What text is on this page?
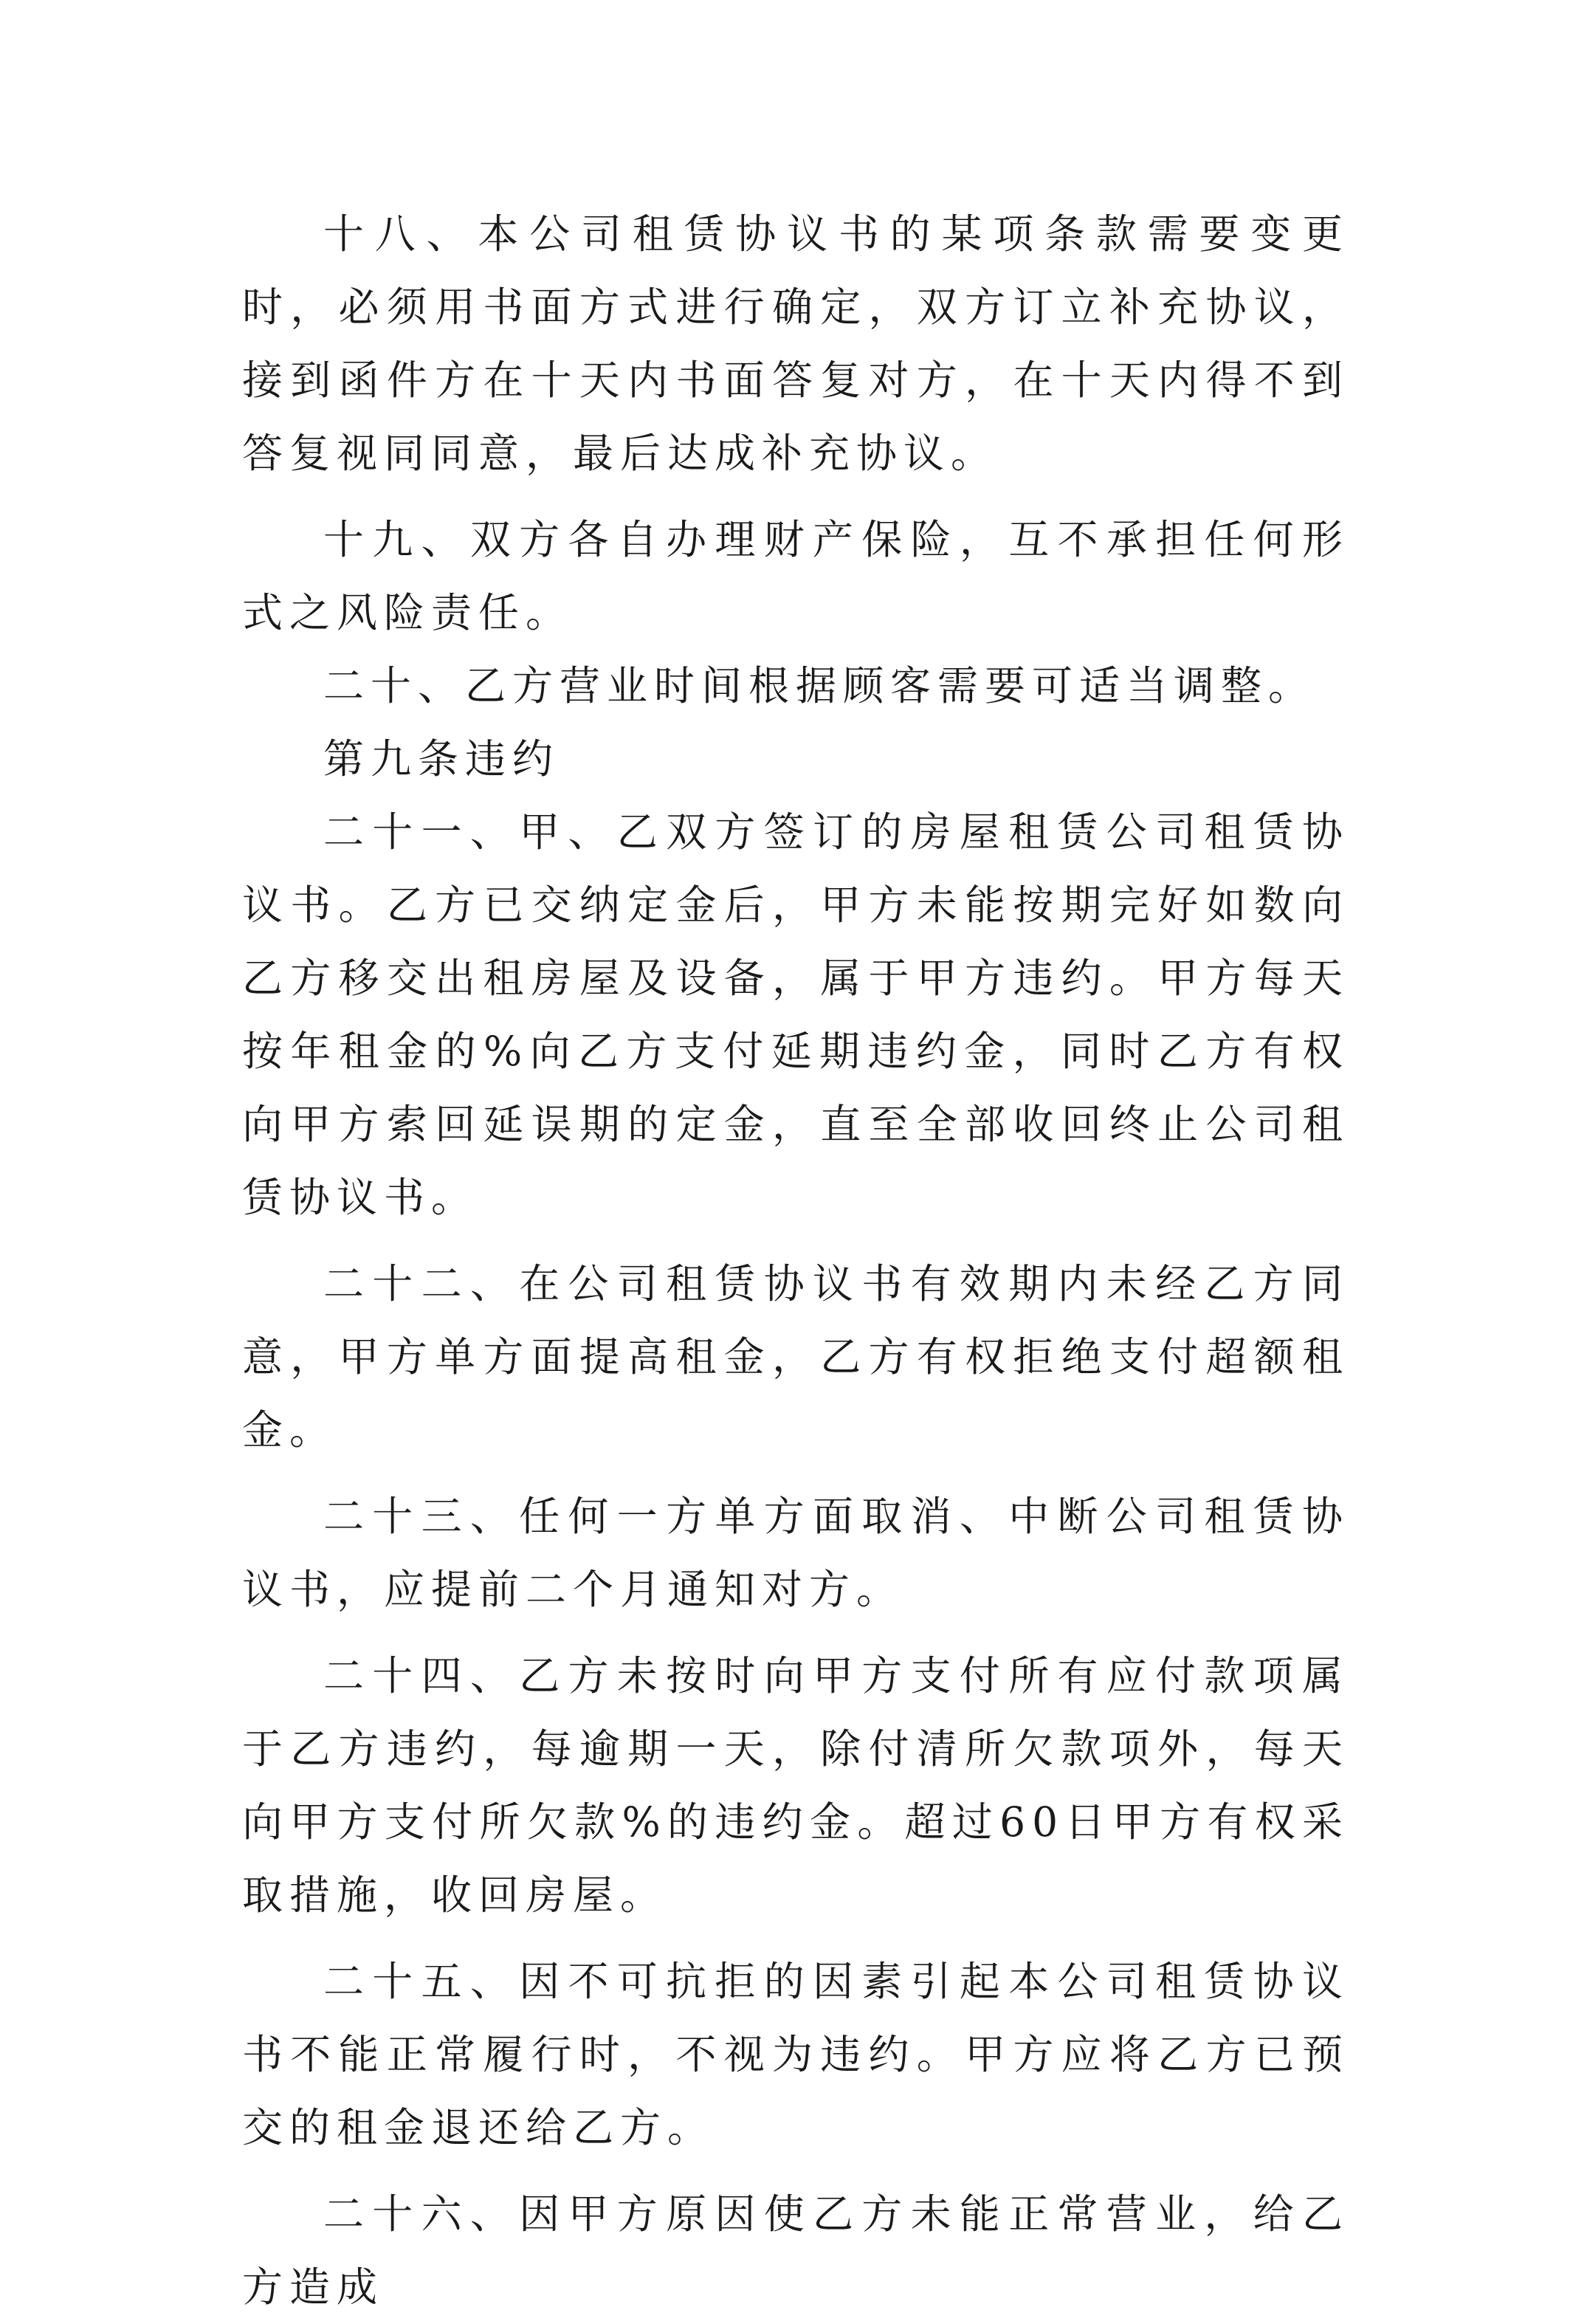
十八、本公司租赁协议书的某项条款需要变更时，必须用书面方式进行确定，双方订立补充协议，接到函件方在十天内书面答复对方，在十天内得不到答复视同同意，最后达成补充协议。

十九、双方各自办理财产保险，互不承担任何形式之风险责任。

二十、乙方营业时间根据顾客需要可适当调整。

第九条违约

二十一、甲、乙双方签订的房屋租赁公司租赁协议书。乙方已交纳定金后，甲方未能按期完好如数向乙方移交出租房屋及设备，属于甲方违约。甲方每天按年租金的%向乙方支付延期违约金，同时乙方有权向甲方索回延误期的定金，直至全部收回终止公司租赁协议书。

二十二、在公司租赁协议书有效期内未经乙方同意，甲方单方面提高租金，乙方有权拒绝支付超额租金。

二十三、任何一方单方面取消、中断公司租赁协议书，应提前二个月通知对方。

二十四、乙方未按时向甲方支付所有应付款项属于乙方违约，每逾期一天，除付清所欠款项外，每天向甲方支付所欠款%的违约金。超过60日甲方有权采取措施，收回房屋。

二十五、因不可抗拒的因素引起本公司租赁协议书不能正常履行时，不视为违约。甲方应将乙方已预交的租金退还给乙方。

二十六、因甲方原因使乙方未能正常营业，给乙方造成
